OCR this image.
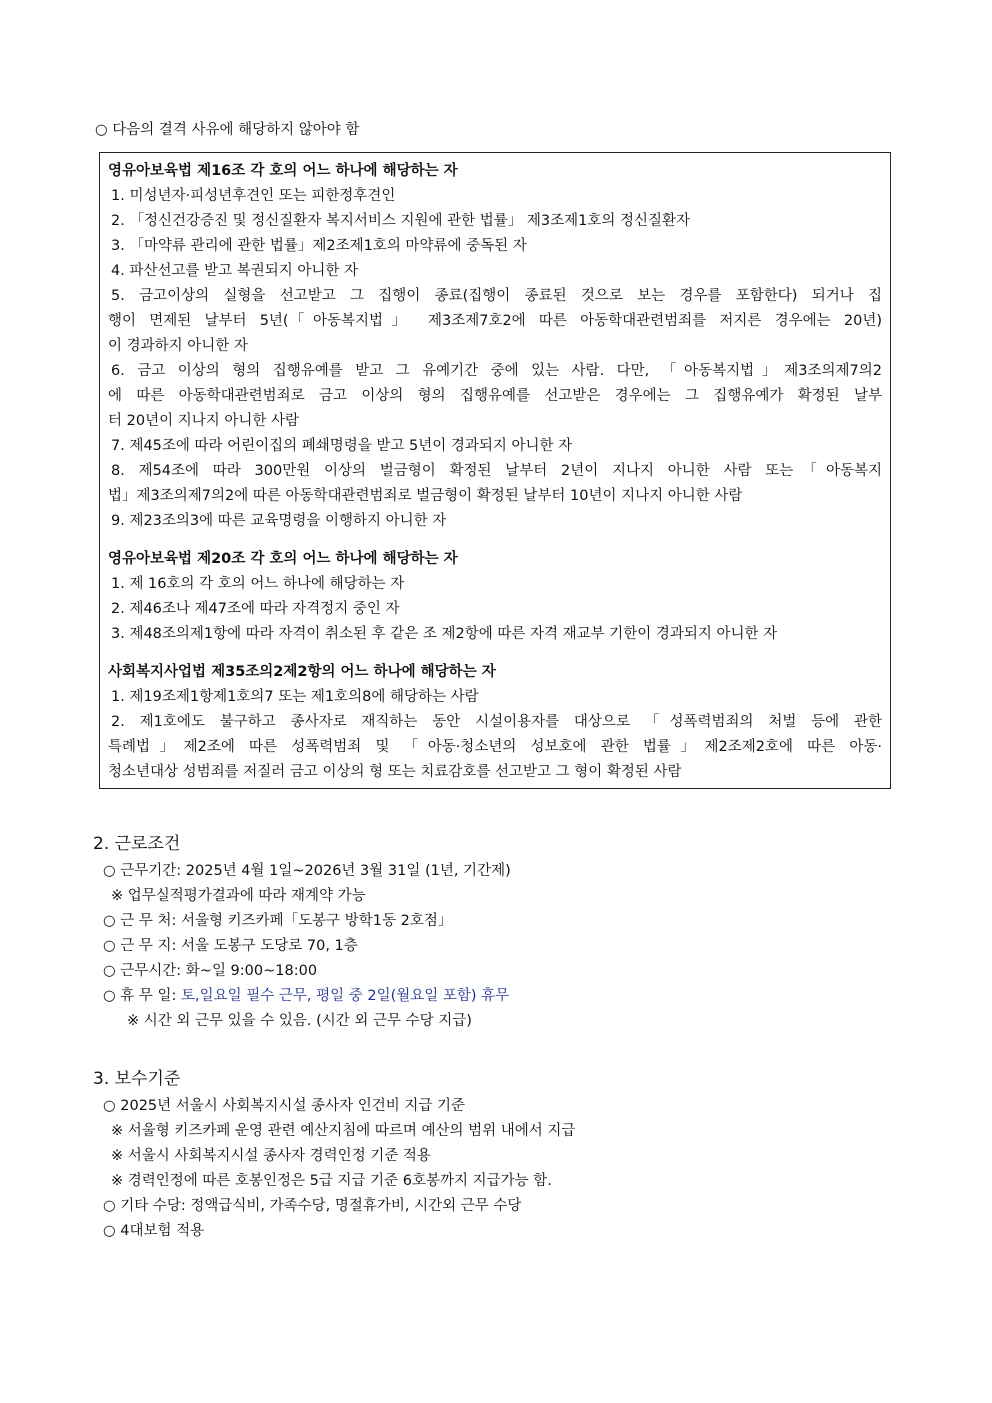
○ 다음의 결격 사유에 해당하지 않아야 함
영유아보육법 제16조 각 호의 어느 하나에 해당하는 자
1. 미성년자·피성년후견인 또는 피한정후견인
2. 「정신건강증진 및 정신질환자 복지서비스 지원에 관한 법률」 제3조제1호의 정신질환자
3. 「마약류 관리에 관한 법률」제2조제1호의 마약류에 중독된 자
4. 파산선고를 받고 복권되지 아니한 자
5. 금고이상의 실형을 선고받고 그 집행이 종료(집행이 종료된 것으로 보는 경우를 포함한다) 되거나 집
행이 면제된 날부터 5년(「아동복지법」 제3조제7호2에 따른 아동학대관련범죄를 저지른 경우에는 20년)
이 경과하지 아니한 자
6. 금고 이상의 형의 집행유예를 받고 그 유예기간 중에 있는 사람. 다만, 「아동복지법」제3조의제7의2
에 따른 아동학대관련범죄로 금고 이상의 형의 집행유예를 선고받은 경우에는 그 집행유예가 확정된 날부
터 20년이 지나지 아니한 사람
7. 제45조에 따라 어린이집의 폐쇄명령을 받고 5년이 경과되지 아니한 자
8. 제54조에 따라 300만원 이상의 벌금형이 확정된 날부터 2년이 지나지 아니한 사람 또는「아동복지
법」제3조의제7의2에 따른 아동학대관련범죄로 벌금형이 확정된 날부터 10년이 지나지 아니한 사람
9. 제23조의3에 따른 교육명령을 이행하지 아니한 자
영유아보육법 제20조 각 호의 어느 하나에 해당하는 자
1. 제 16호의 각 호의 어느 하나에 해당하는 자
2. 제46조나 제47조에 따라 자격정지 중인 자
3. 제48조의제1항에 따라 자격이 취소된 후 같은 조 제2항에 따른 자격 재교부 기한이 경과되지 아니한 자
사회복지사업법 제35조의2제2항의 어느 하나에 해당하는 자
1. 제19조제1항제1호의7 또는 제1호의8에 해당하는 사람
2. 제1호에도 불구하고 종사자로 재직하는 동안 시설이용자를 대상으로 「성폭력범죄의 처벌 등에 관한
특례법」제2조에 따른 성폭력범죄 및 「아동·청소년의 성보호에 관한 법률」제2조제2호에 따른 아동·
청소년대상 성범죄를 저질러 금고 이상의 형 또는 치료감호를 선고받고 그 형이 확정된 사람
2. 근로조건
○ 근무기간: 2025년 4월 1일~2026년 3월 31일 (1년, 기간제)
※ 업무실적평가결과에 따라 재계약 가능
○ 근 무 처: 서울형 키즈카페「도봉구 방학1동 2호점」
○ 근 무 지: 서울 도봉구 도당로 70, 1층
○ 근무시간: 화~일 9:00~18:00
○ 휴 무 일: 토,일요일 필수 근무, 평일 중 2일(월요일 포함) 휴무
※ 시간 외 근무 있을 수 있음. (시간 외 근무 수당 지급)
3. 보수기준
○ 2025년 서울시 사회복지시설 종사자 인건비 지급 기준
※ 서울형 키즈카페 운영 관련 예산지침에 따르며 예산의 범위 내에서 지급
※ 서울시 사회복지시설 종사자 경력인정 기준 적용
※ 경력인정에 따른 호봉인정은 5급 지급 기준 6호봉까지 지급가능 함.
○ 기타 수당: 정액급식비, 가족수당, 명절휴가비, 시간외 근무 수당
○ 4대보험 적용
